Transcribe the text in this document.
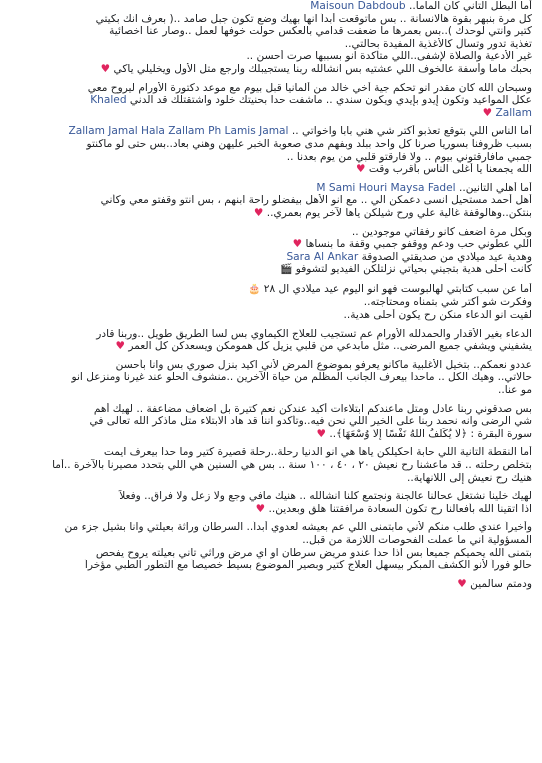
أما البطل التاني كان الماما.. Maisoun Dabdoub
كل مرة بنبهر بقوة هالانسانة .. بس ماتوقعت أبداً انها بهيك وضع تكون جبل صامد ..( بعرف انك بكيتي
كتير وانتي لوحدك )..بس بعمرها ما ضعفت قدامي بالعكس حولت خوفها لعمل ..وصار عنا اخصائية
تغذية تدور وتسأل كالأغذية المفيدة بحالتي..
غير الأدعية والصلاة لإشفى..اللي متأكدة انو بسببها صرت أحسن ..
بحبك ماما وأسفة عالخوف اللي عشتيه بس انشالله ربنا يستجيبلك وارجع متل الأول ويخليلي ياكي ♥
وسبحان الله كان مقدر انو تحكم جية أخي خالد من ألمانيا قبل بيوم مع موعد دكتورة الأورام ليروح معي
عكل المواعيد وتكون إيدو بإيدي ويكون سندي .. ماشفت حدا بحنيتك خلود واشتقتلك قد الدني Khaled
Zallam ♥
أما الناس اللي بتوقع تعذبو أكتر شي هني بابا واخواتي .. Zallam Jamal Hala Zallam Ph Lamis Jamal
بسبب ظروفنا بسوريا صرنا كل واحد ببلد وبفهم مدى صعوبة الخبر عليهن وهني بعاد..بس حتى لو ماكنتو
جمبي مافارقتوني بيوم .. ولا فارقتو قلبي من يوم بعدنا ..
الله يجمعنا يا أغلى الناس بأقرب وقت ♥
أما أهلي التانين.. M Sami Houri Maysa Fadel
أهل أحمد مستحيل انسى دعمكن الي .. مع انو الأهل بيفضلو راحة ابنهم ، بس انتو وقفتو معي وكأني
بنتكن..وهالوقفة غالية علي ورح شيلكن ياها لآخر يوم بعمري.. ♥
وبكل مرة اضعف كانو رفقاتي موجودين ..
اللي عطوني حب ودعم ووقفو جمبي وقفة ما بنساها ♥
وهدية عيد ميلادي من صديقتي الصدوقة Sara Al Ankar
كانت أحلى هدية بتجيني بحياتي نزلتلكن الفيديو لتشوفو 🎬
أما عن سبب كتابتي لهالبوست فهو انو اليوم عيد ميلادي ال ٢٨ 🎂
وفكرت شو أكتر شي بتمناه ومحتاجته..
لقيت انو الدعاء منكن رح يكون أحلى هدية..
الدعاء بغير الأقدار والحمدلله الأورام عم تستجيب للعلاج الكيماوي بس لسا الطريق طويل ..وربنا قادر
يشفيني ويشفي جميع المرضى.. مثل مابدعي من قلبي يزيل كل همومكن ويسعدكن كل العمر ♥
عددو نعمكم.. بتخيل الأغلبية ماكانو يعرفو بموضوع المرض لأني اكيد بنزل صوري بس وانا بأحسن
حالاتي.. وهيك الكل .. ماحدا بيعرف الجانب المظلم من حياة الآخرين ..منشوف الحلو عند غيرنا ومنزعل انو
مو عنا..
بس صدقوني ربنا عادل ومتل ماعندكم ابتلاءات أكيد عندكن نعم كتيرة بل اضعاف مضاعفة .. لهيك أهم
شي الرضى وانه نحمد ربنا على الخير اللي نحن فيه..وتأكدو اننا قد هاد الابتلاء متل ماذكر الله تعالى في
سورة البقرة : ﴿لَا يُكَلِّفُ اللَّهُ نَفْسًا إِلَّا وُسْعَهَا﴾.. ♥
أما النقطة التانية اللي حابة احكيلكن ياها هي انو الدنيا رحلة..رحلة قصيرة كتير وما حدا بيعرف ايمت
بتخلص رحلته .. قد ماعشنا رح نعيش ٢٠ ، ٤٠ ، ١٠٠ سنة .. بس هي السنين هي اللي بتحدد مصيرنا بالآخرة ..أما
هنيك رح نعيش إلى اللانهاية..
لهيك خلينا نشتغل عحالنا عالجنة ونجتمع كلنا انشالله .. هنيك مافي وجع ولا زعل ولا فراق.. وفعلاً
اذا اتقينا الله بأفعالنا رح تكون السعادة مرافقتنا هلق وبعدين.. ♥
وأخيراً عندي طلب منكم لأني مابتمنى اللي عم بعيشه لعدوي أبداً.. السرطان وراثة بعيلتي وانا بشيل جزء من
المسؤولية اني ما عملت الفحوصات اللازمة من قبل..
بتمنى الله يحميكم جميعاً بس اذا حدا عندو مريض سرطان او اي مرض وراثي تاني بعيلته يروح يفحص
حالو فوراً لأنو الكشف المبكر بيسهل العلاج كتير وبصير الموضوع بسيط خصيصاً مع التطور الطبي مؤخراً
ودمتم سالمين ♥
